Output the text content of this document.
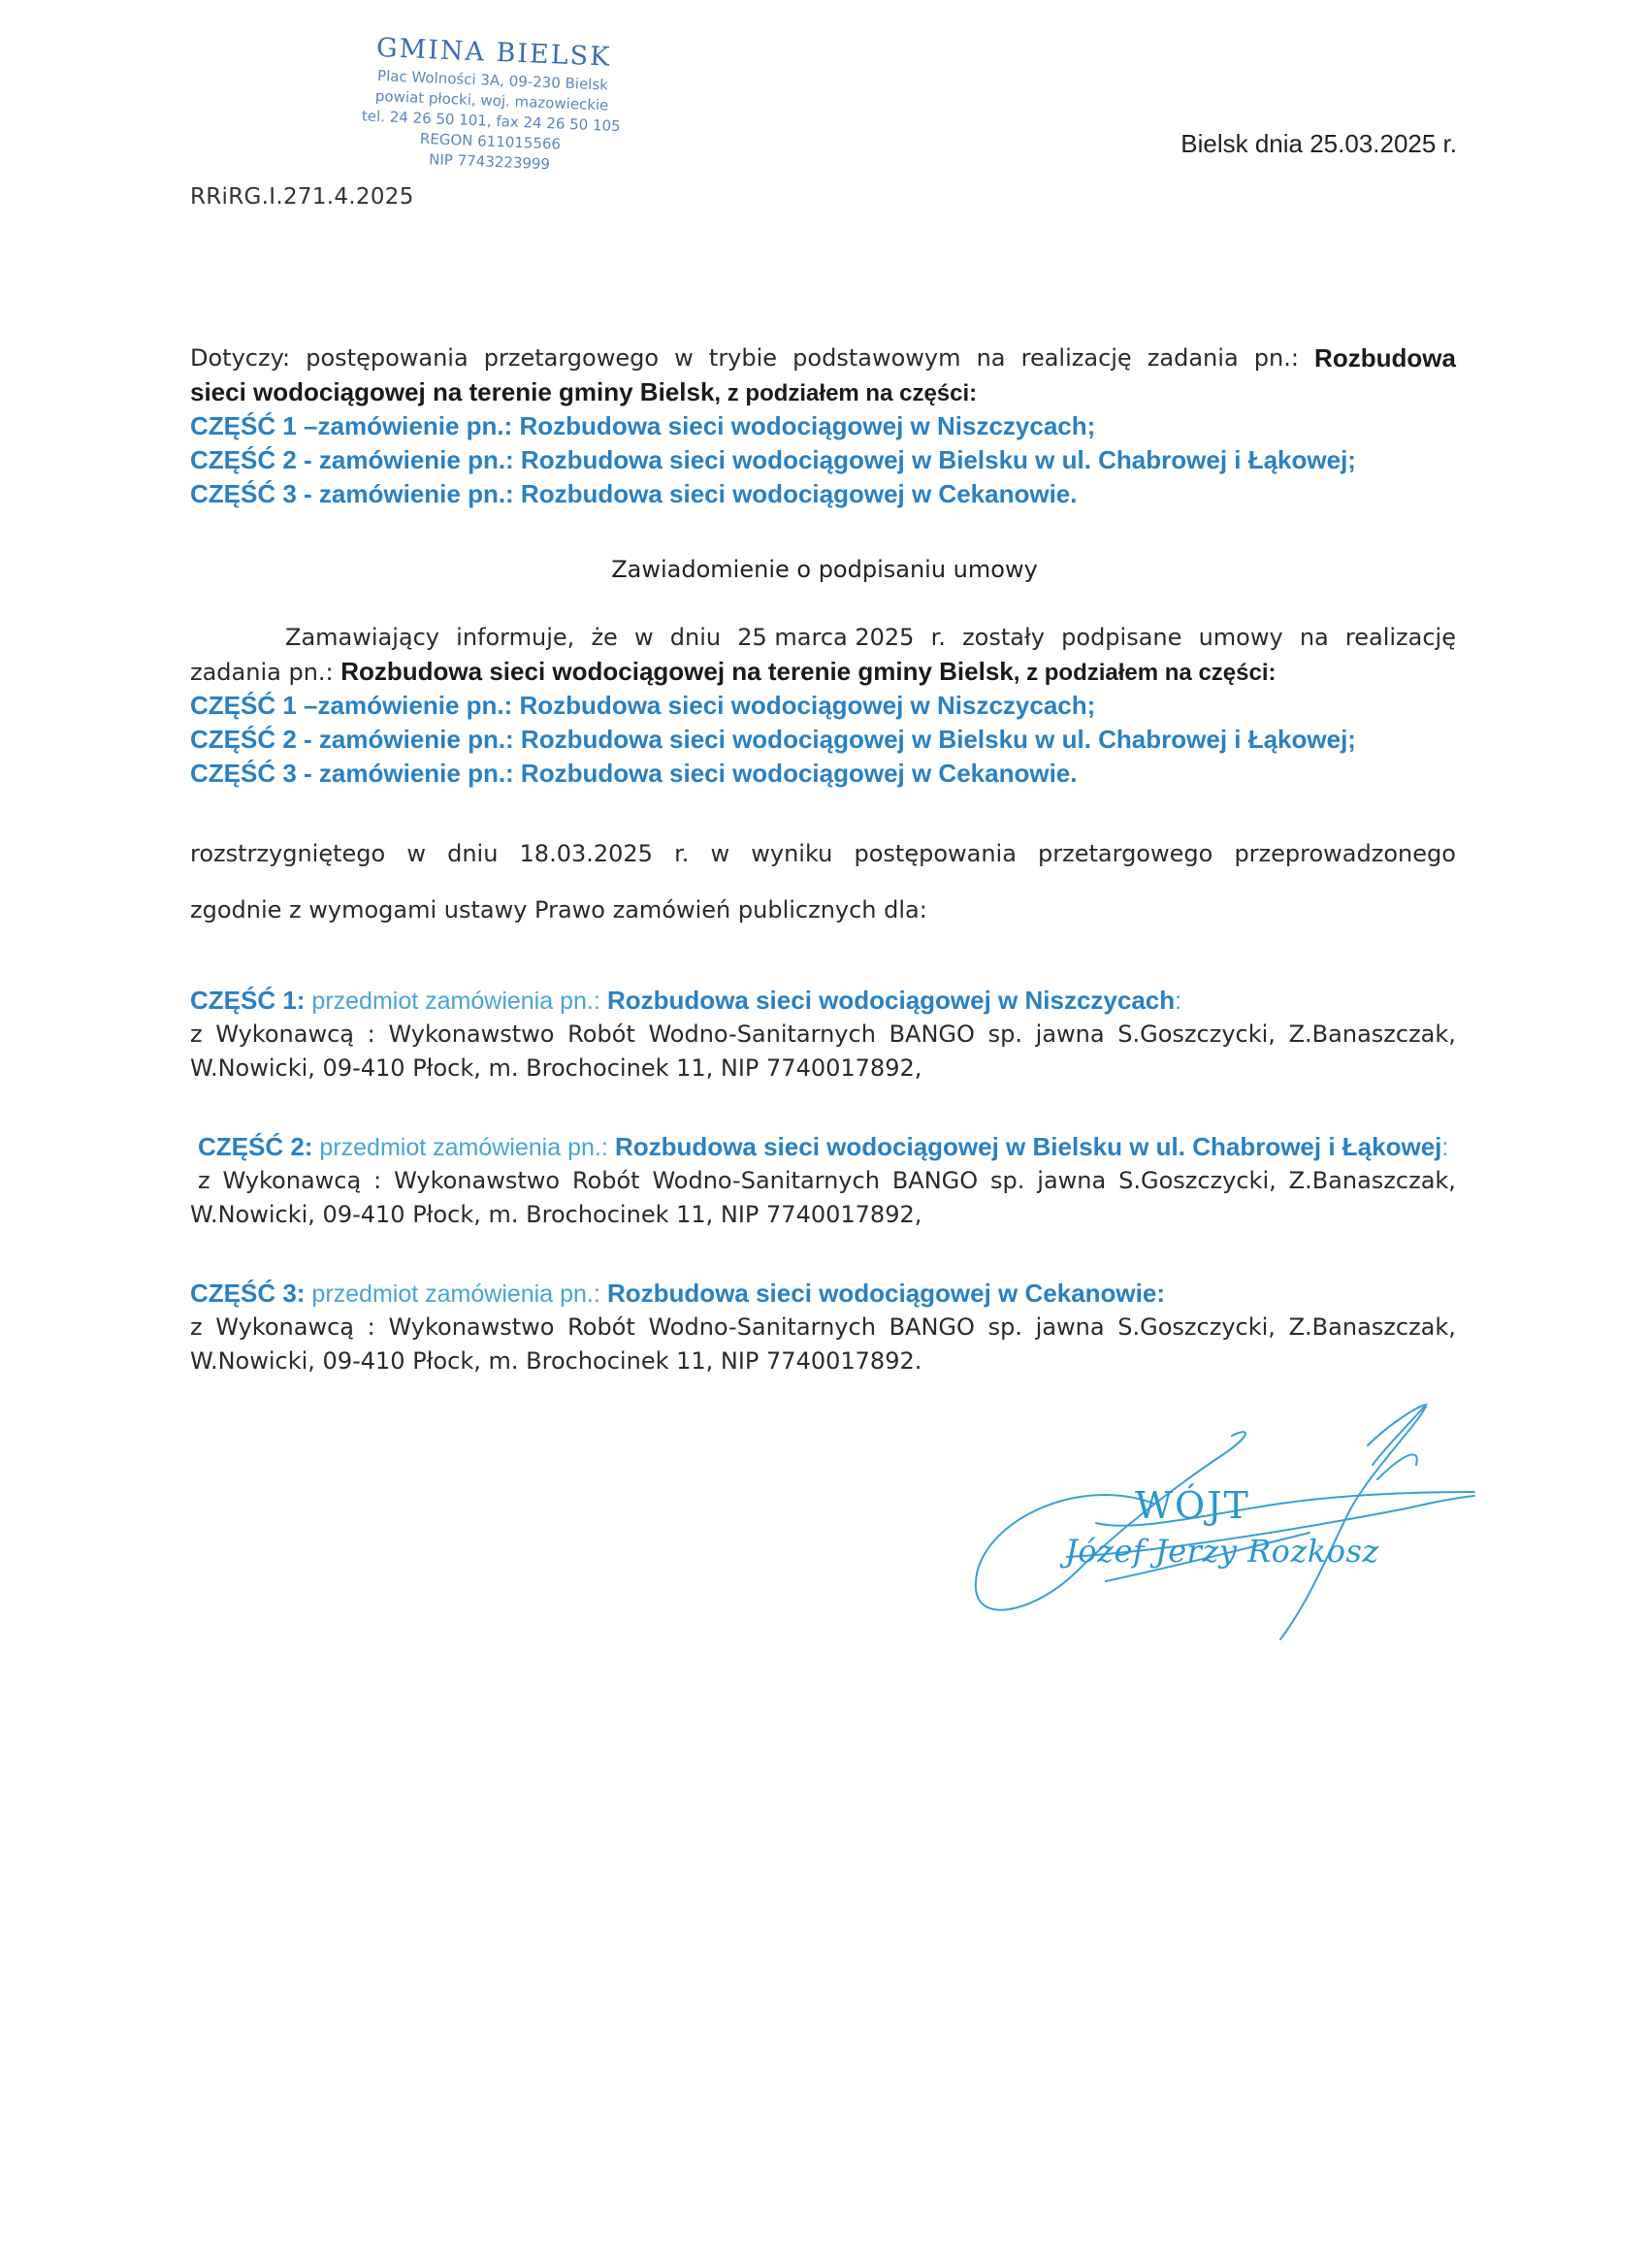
GMINA BIELSK
Plac Wolności 3A, 09-230 Bielsk
powiat płocki, woj. mazowieckie
tel. 24 26 50 101, fax 24 26 50 105
REGON 611015566
NIP 7743223999
RRiRG.I.271.4.2025
Bielsk dnia 25.03.2025 r.
Dotyczy: postępowania przetargowego w trybie podstawowym na realizację zadania pn.: Rozbudowa
sieci wodociągowej na terenie gminy Bielsk, z podziałem na części:
CZĘŚĆ 1 –zamówienie pn.: Rozbudowa sieci wodociągowej w Niszczycach;
CZĘŚĆ 2 - zamówienie pn.: Rozbudowa sieci wodociągowej w Bielsku w ul. Chabrowej i Łąkowej;
CZĘŚĆ 3 - zamówienie pn.: Rozbudowa sieci wodociągowej w Cekanowie.
Zawiadomienie o podpisaniu umowy
Zamawiający informuje, że w dniu 25 marca 2025 r. zostały podpisane umowy na realizację
zadania pn.: Rozbudowa sieci wodociągowej na terenie gminy Bielsk, z podziałem na części:
CZĘŚĆ 1 –zamówienie pn.: Rozbudowa sieci wodociągowej w Niszczycach;
CZĘŚĆ 2 - zamówienie pn.: Rozbudowa sieci wodociągowej w Bielsku w ul. Chabrowej i Łąkowej;
CZĘŚĆ 3 - zamówienie pn.: Rozbudowa sieci wodociągowej w Cekanowie.
rozstrzygniętego w dniu 18.03.2025 r. w wyniku postępowania przetargowego przeprowadzonego
zgodnie z wymogami ustawy Prawo zamówień publicznych dla:
CZĘŚĆ 1: przedmiot zamówienia pn.: Rozbudowa sieci wodociągowej w Niszczycach:
z Wykonawcą : Wykonawstwo Robót Wodno-Sanitarnych BANGO sp. jawna S.Goszczycki, Z.Banaszczak,
W.Nowicki, 09-410 Płock, m. Brochocinek 11, NIP 7740017892,
CZĘŚĆ 2: przedmiot zamówienia pn.: Rozbudowa sieci wodociągowej w Bielsku w ul. Chabrowej i Łąkowej:
z Wykonawcą : Wykonawstwo Robót Wodno-Sanitarnych BANGO sp. jawna S.Goszczycki, Z.Banaszczak,
W.Nowicki, 09-410 Płock, m. Brochocinek 11, NIP 7740017892,
CZĘŚĆ 3: przedmiot zamówienia pn.: Rozbudowa sieci wodociągowej w Cekanowie:
z Wykonawcą : Wykonawstwo Robót Wodno-Sanitarnych BANGO sp. jawna S.Goszczycki, Z.Banaszczak,
W.Nowicki, 09-410 Płock, m. Brochocinek 11, NIP 7740017892.
WÓJT
Józef Jerzy Rozkosz
